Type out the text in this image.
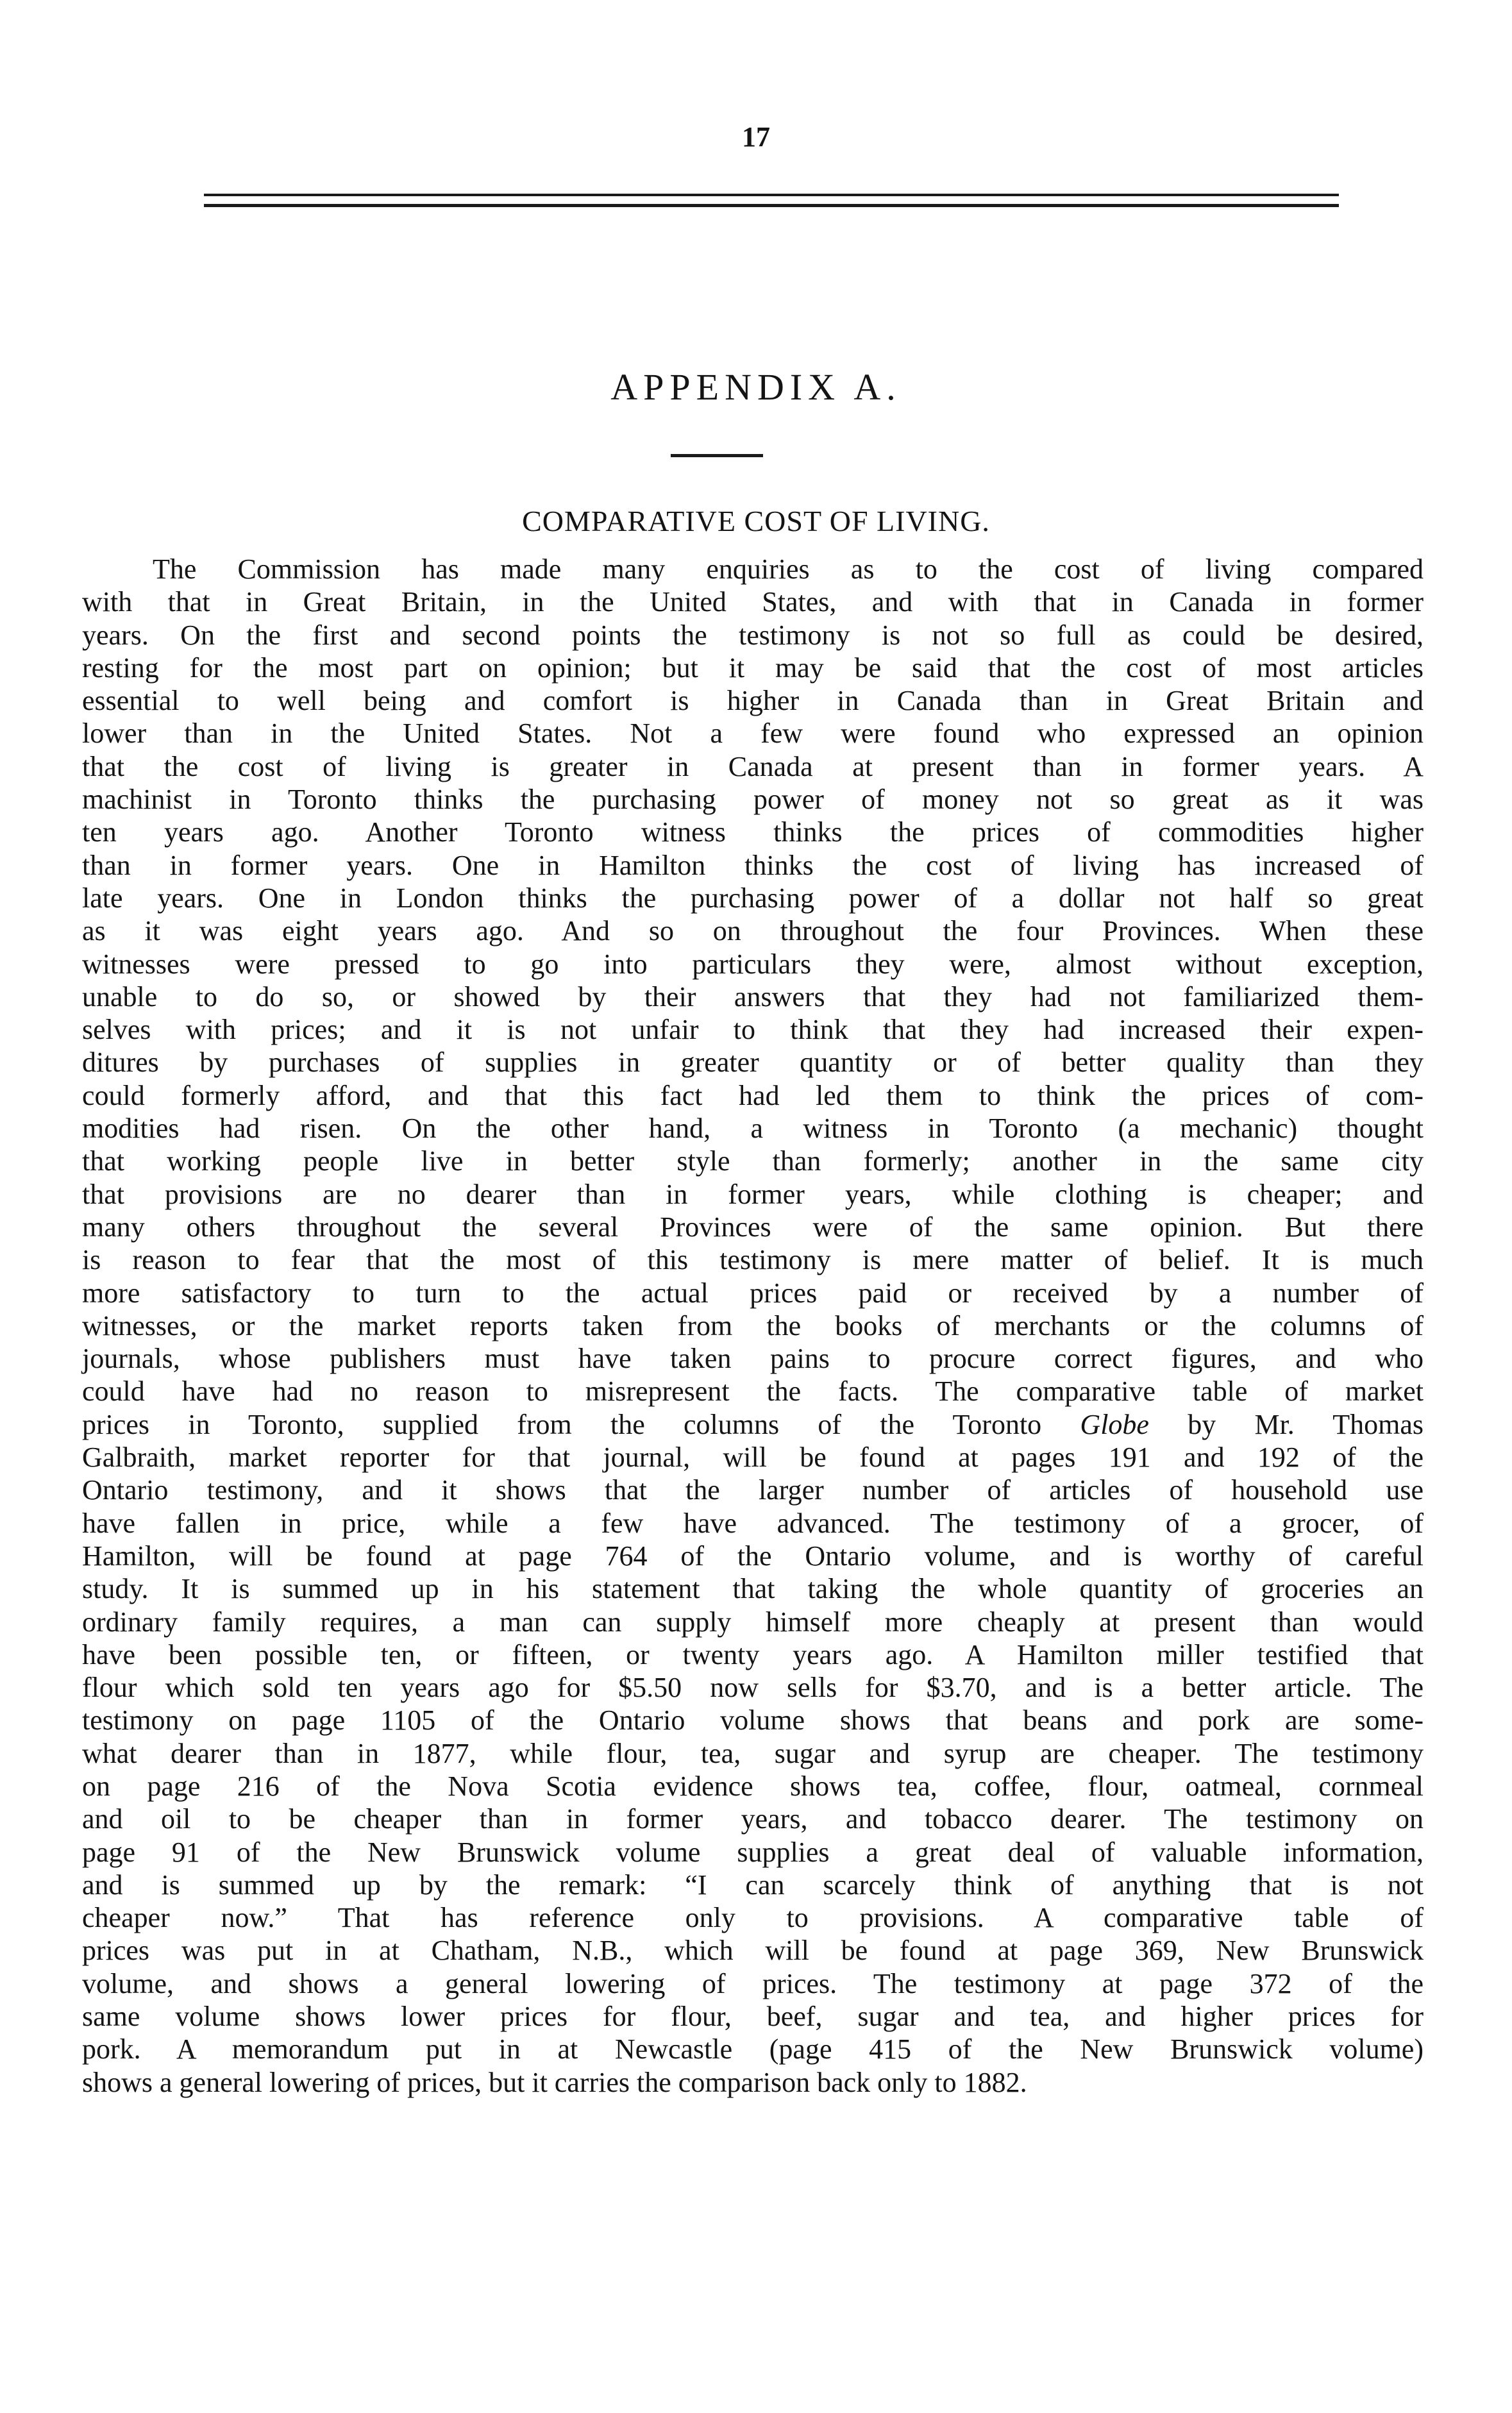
17
APPENDIX A.
COMPARATIVE COST OF LIVING.
The Commission has made many enquiries as to the cost of living compared
with that in Great Britain, in the United States, and with that in Canada in former
years. On the first and second points the testimony is not so full as could be desired,
resting for the most part on opinion; but it may be said that the cost of most articles
essential to well being and comfort is higher in Canada than in Great Britain and
lower than in the United States. Not a few were found who expressed an opinion
that the cost of living is greater in Canada at present than in former years. A
machinist in Toronto thinks the purchasing power of money not so great as it was
ten years ago. Another Toronto witness thinks the prices of commodities higher
than in former years. One in Hamilton thinks the cost of living has increased of
late years. One in London thinks the purchasing power of a dollar not half so great
as it was eight years ago. And so on throughout the four Provinces. When these
witnesses were pressed to go into particulars they were, almost without exception,
unable to do so, or showed by their answers that they had not familiarized them-
selves with prices; and it is not unfair to think that they had increased their expen-
ditures by purchases of supplies in greater quantity or of better quality than they
could formerly afford, and that this fact had led them to think the prices of com-
modities had risen. On the other hand, a witness in Toronto (a mechanic) thought
that working people live in better style than formerly; another in the same city
that provisions are no dearer than in former years, while clothing is cheaper; and
many others throughout the several Provinces were of the same opinion. But there
is reason to fear that the most of this testimony is mere matter of belief. It is much
more satisfactory to turn to the actual prices paid or received by a number of
witnesses, or the market reports taken from the books of merchants or the columns of
journals, whose publishers must have taken pains to procure correct figures, and who
could have had no reason to misrepresent the facts. The comparative table of market
prices in Toronto, supplied from the columns of the Toronto Globe by Mr. Thomas
Galbraith, market reporter for that journal, will be found at pages 191 and 192 of the
Ontario testimony, and it shows that the larger number of articles of household use
have fallen in price, while a few have advanced. The testimony of a grocer, of
Hamilton, will be found at page 764 of the Ontario volume, and is worthy of careful
study. It is summed up in his statement that taking the whole quantity of groceries an
ordinary family requires, a man can supply himself more cheaply at present than would
have been possible ten, or fifteen, or twenty years ago. A Hamilton miller testified that
flour which sold ten years ago for $5.50 now sells for $3.70, and is a better article. The
testimony on page 1105 of the Ontario volume shows that beans and pork are some-
what dearer than in 1877, while flour, tea, sugar and syrup are cheaper. The testimony
on page 216 of the Nova Scotia evidence shows tea, coffee, flour, oatmeal, cornmeal
and oil to be cheaper than in former years, and tobacco dearer. The testimony on
page 91 of the New Brunswick volume supplies a great deal of valuable information,
and is summed up by the remark: “I can scarcely think of anything that is not
cheaper now.” That has reference only to provisions. A comparative table of
prices was put in at Chatham, N.B., which will be found at page 369, New Brunswick
volume, and shows a general lowering of prices. The testimony at page 372 of the
same volume shows lower prices for flour, beef, sugar and tea, and higher prices for
pork. A memorandum put in at Newcastle (page 415 of the New Brunswick volume)
shows a general lowering of prices, but it carries the comparison back only to 1882.
